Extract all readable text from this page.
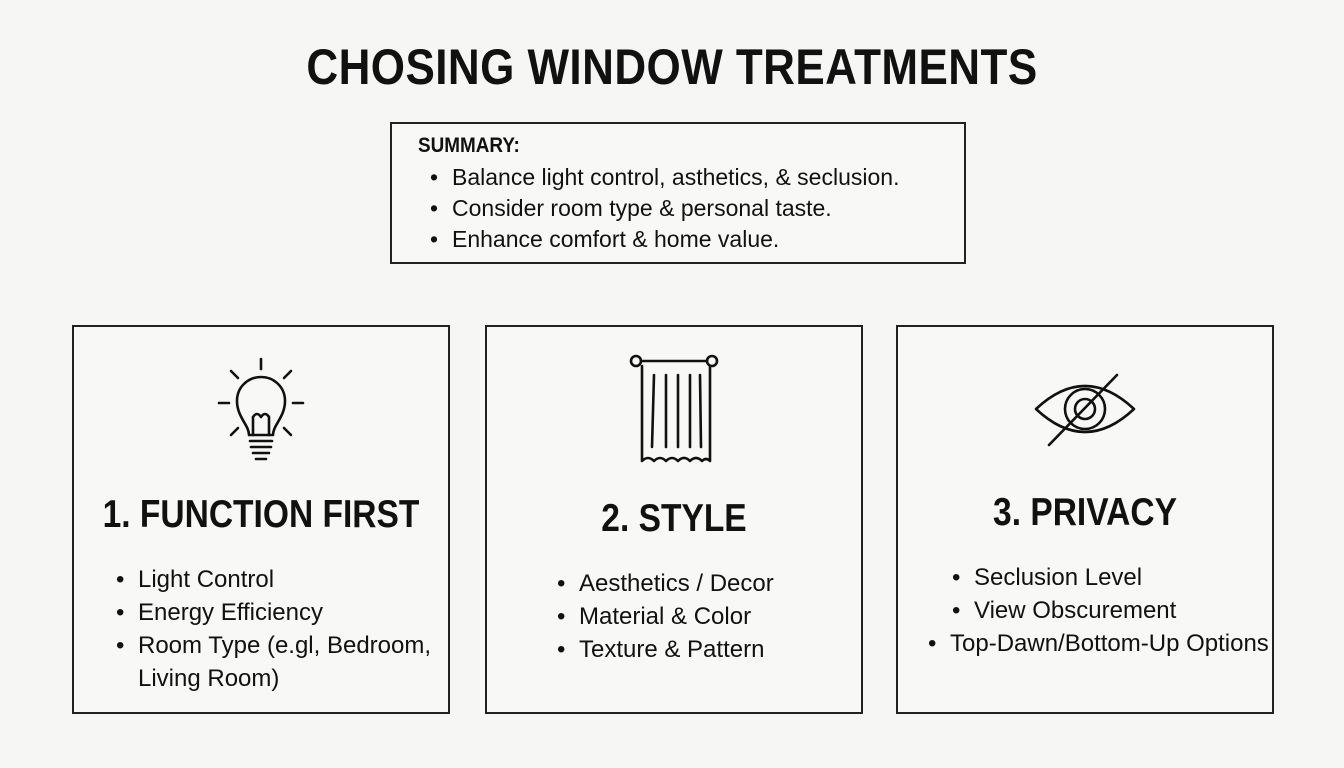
CHOSING WINDOW TREATMENTS
SUMMARY:
• Balance light control, asthetics, & seclusion.
• Consider room type & personal taste.
• Enhance comfort & home value.
1. FUNCTION FIRST
• Light Control
• Energy Efficiency
• Room Type (e.gl, Bedroom, Living Room)
2. STYLE
• Aesthetics / Decor
• Material & Color
• Texture & Pattern
3. PRIVACY
• Seclusion Level
• View Obscurement
• Top-Dawn/Bottom-Up Options
